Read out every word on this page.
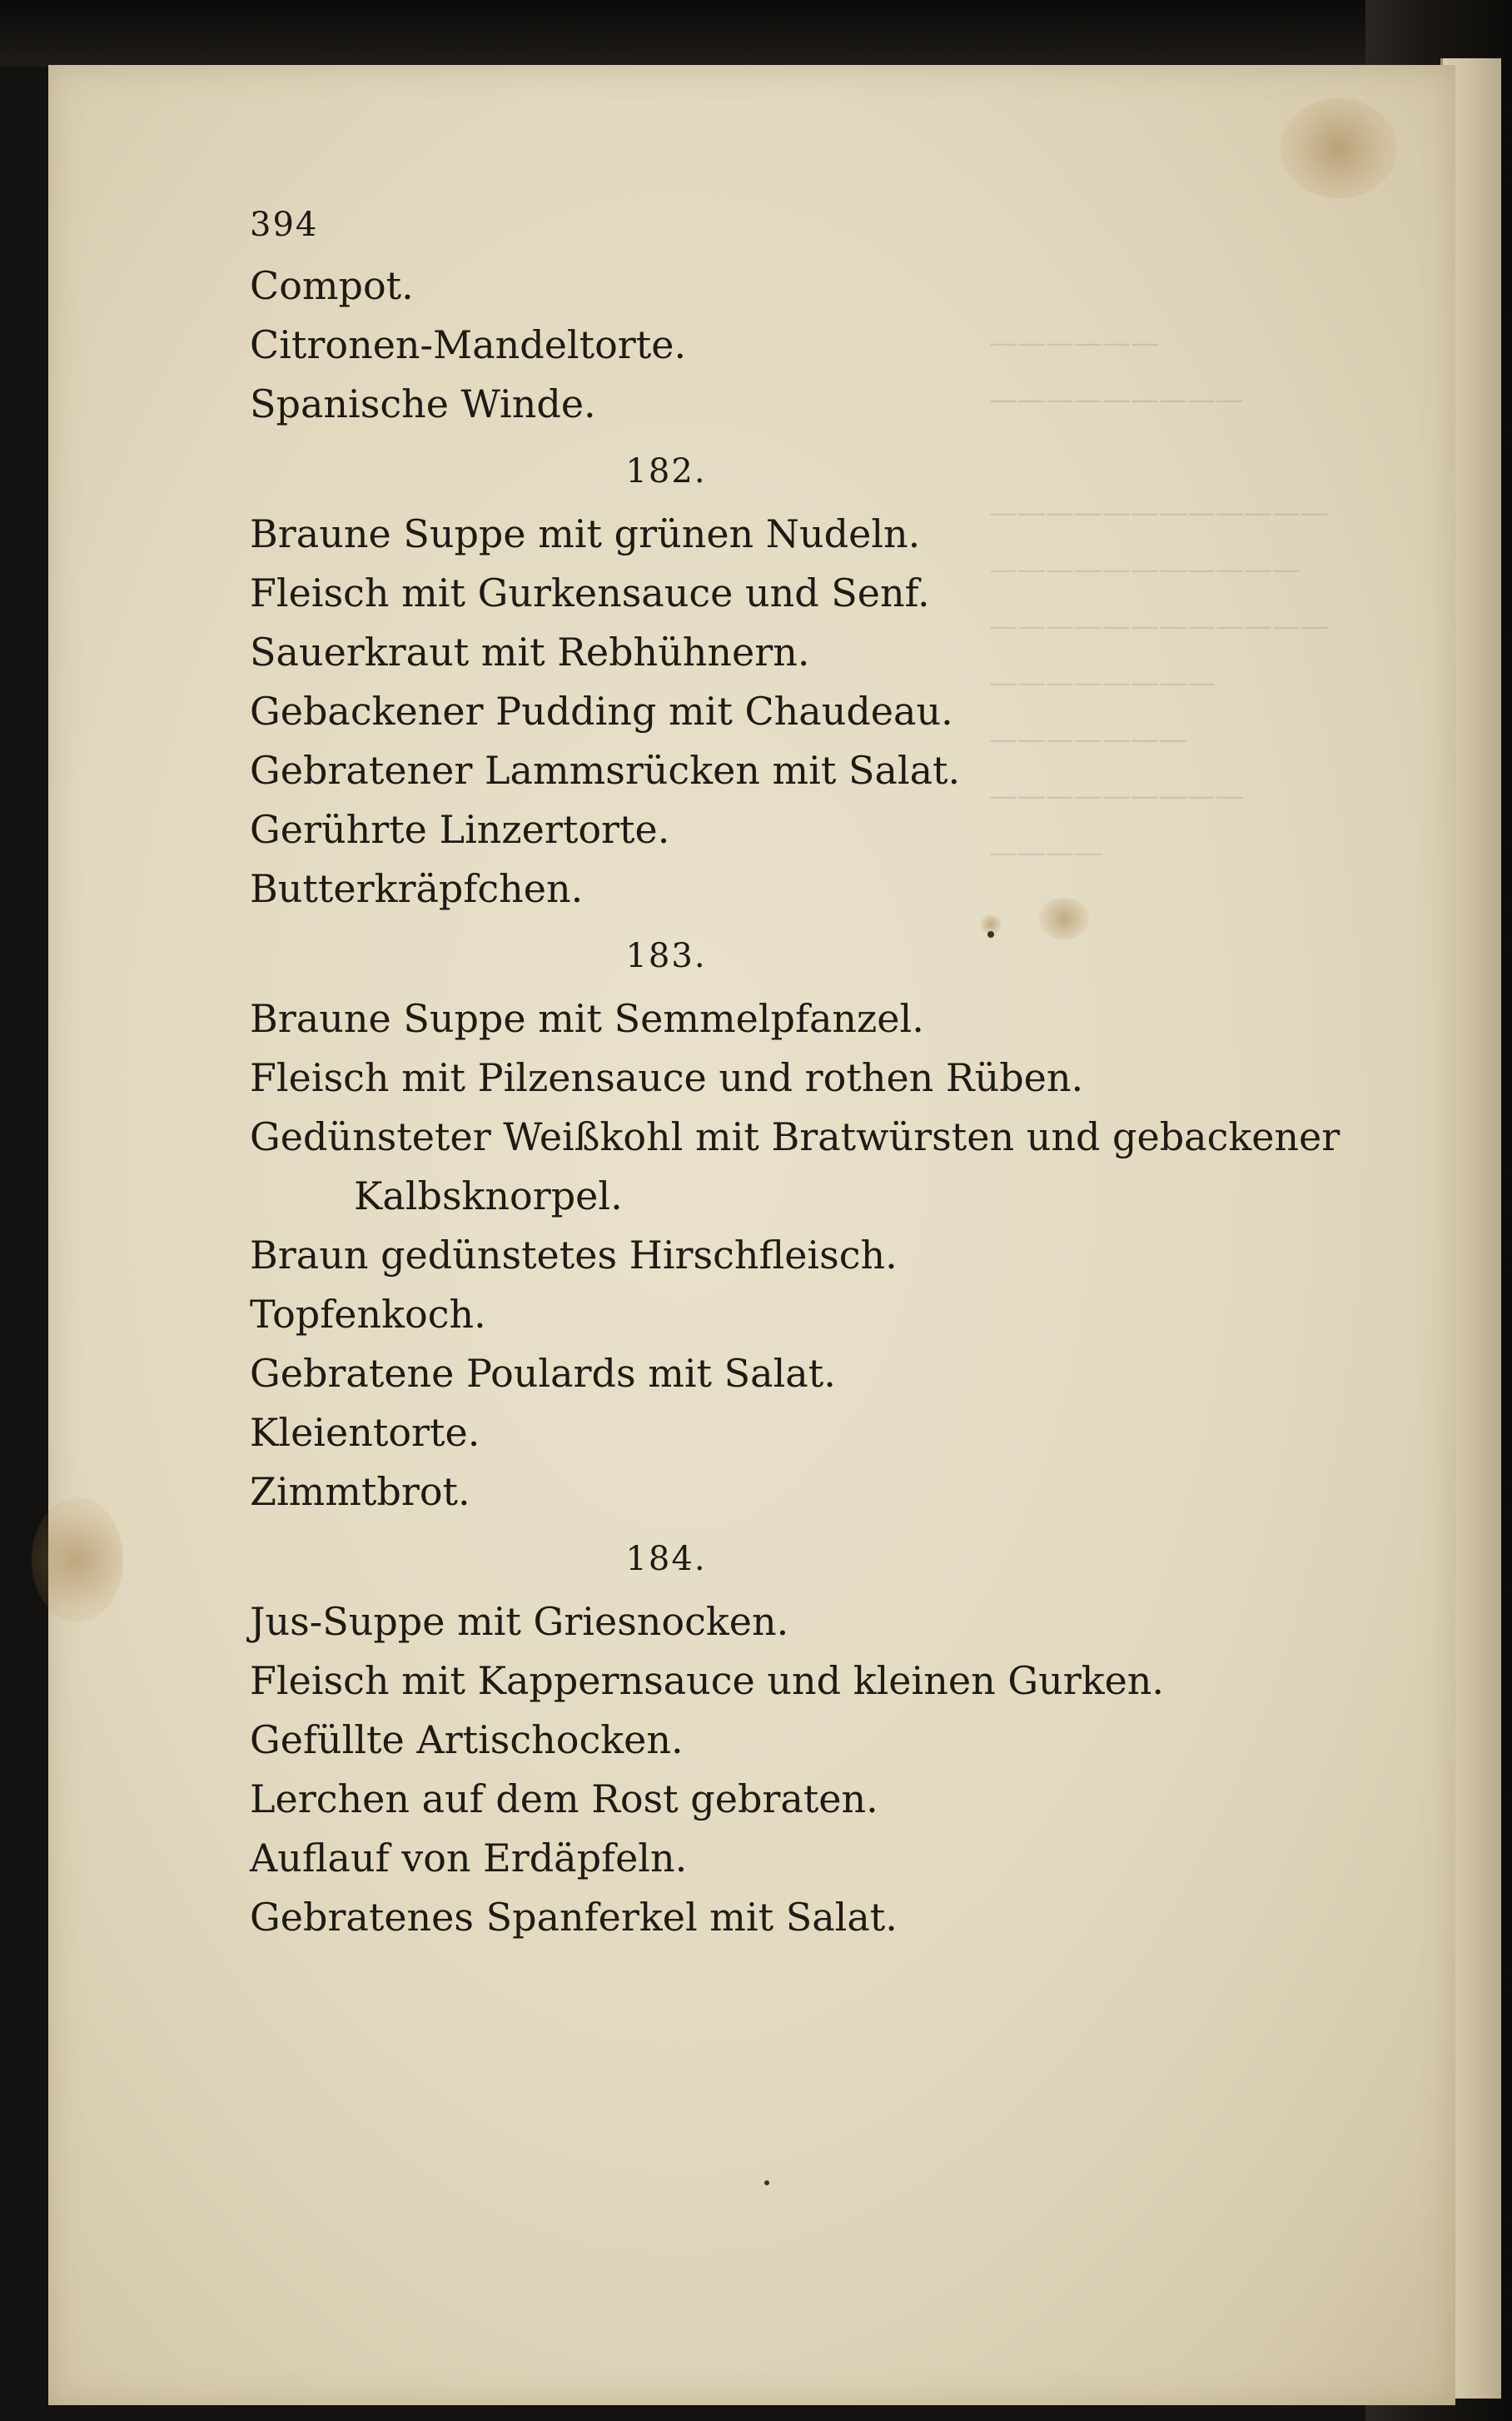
——————
—————————

————————————
———————————
————————————
————————
———————
—————————
————
394
Compot.
Citronen-Mandeltorte.
Spanische Winde.
182.
Braune Suppe mit grünen Nudeln.
Fleisch mit Gurkensauce und Senf.
Sauerkraut mit Rebhühnern.
Gebackener Pudding mit Chaudeau.
Gebratener Lammsrücken mit Salat.
Gerührte Linzertorte.
Butterkräpfchen.
183.
Braune Suppe mit Semmelpfanzel.
Fleisch mit Pilzensauce und rothen Rüben.
Gedünsteter Weißkohl mit Bratwürsten und gebackener
Kalbsknorpel.
Braun gedünstetes Hirschfleisch.
Topfenkoch.
Gebratene Poulards mit Salat.
Kleientorte.
Zimmtbrot.
184.
Jus-Suppe mit Griesnocken.
Fleisch mit Kappernsauce und kleinen Gurken.
Gefüllte Artischocken.
Lerchen auf dem Rost gebraten.
Auflauf von Erdäpfeln.
Gebratenes Spanferkel mit Salat.
